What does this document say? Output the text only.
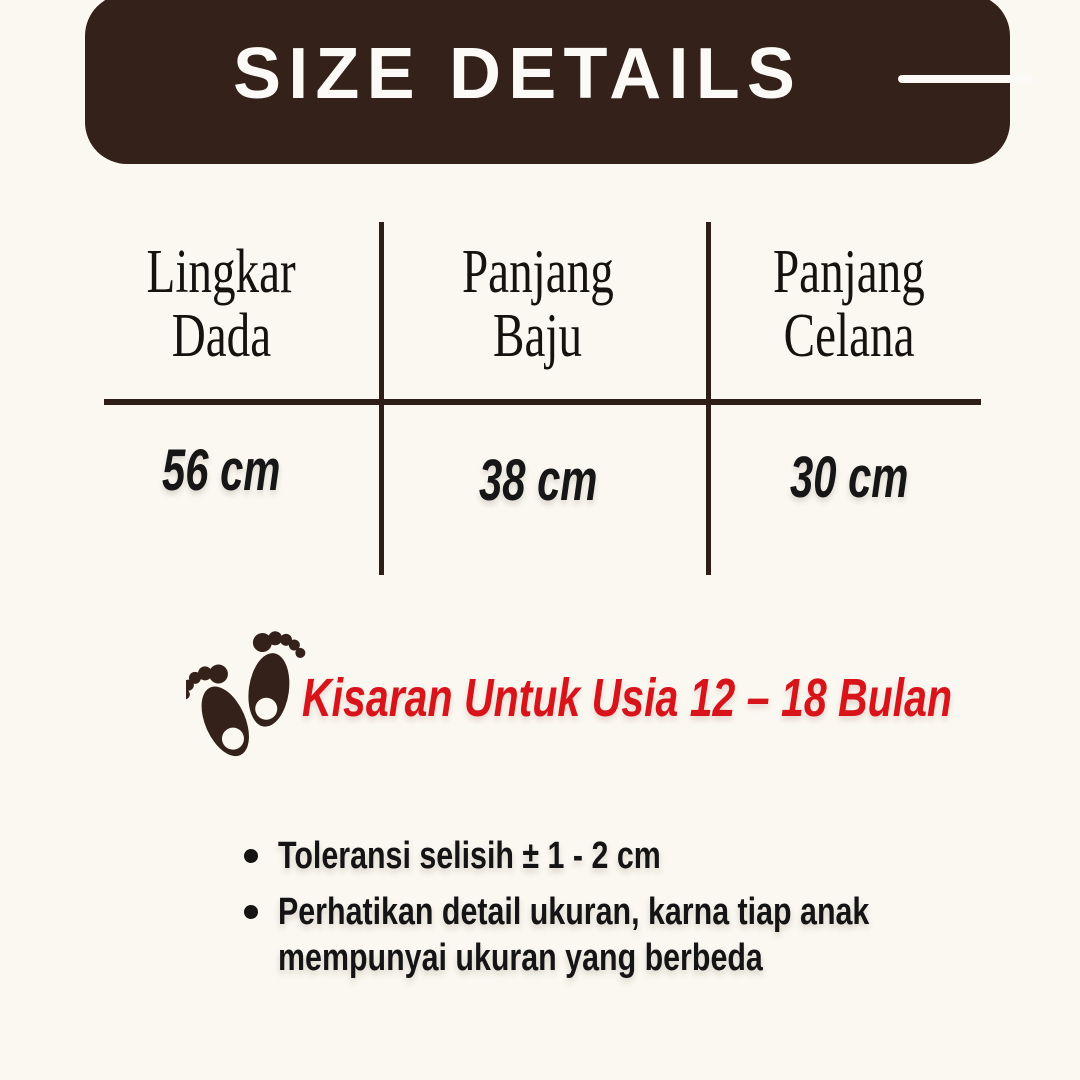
SIZE DETAILS
Lingkar
Dada
Panjang
Baju
Panjang
Celana
56 cm	38 cm	30 cm
Kisaran Untuk Usia 12 – 18 Bulan
Toleransi selisih ± 1 - 2 cm
Perhatikan detail ukuran, karna tiap anak
mempunyai ukuran yang berbeda
